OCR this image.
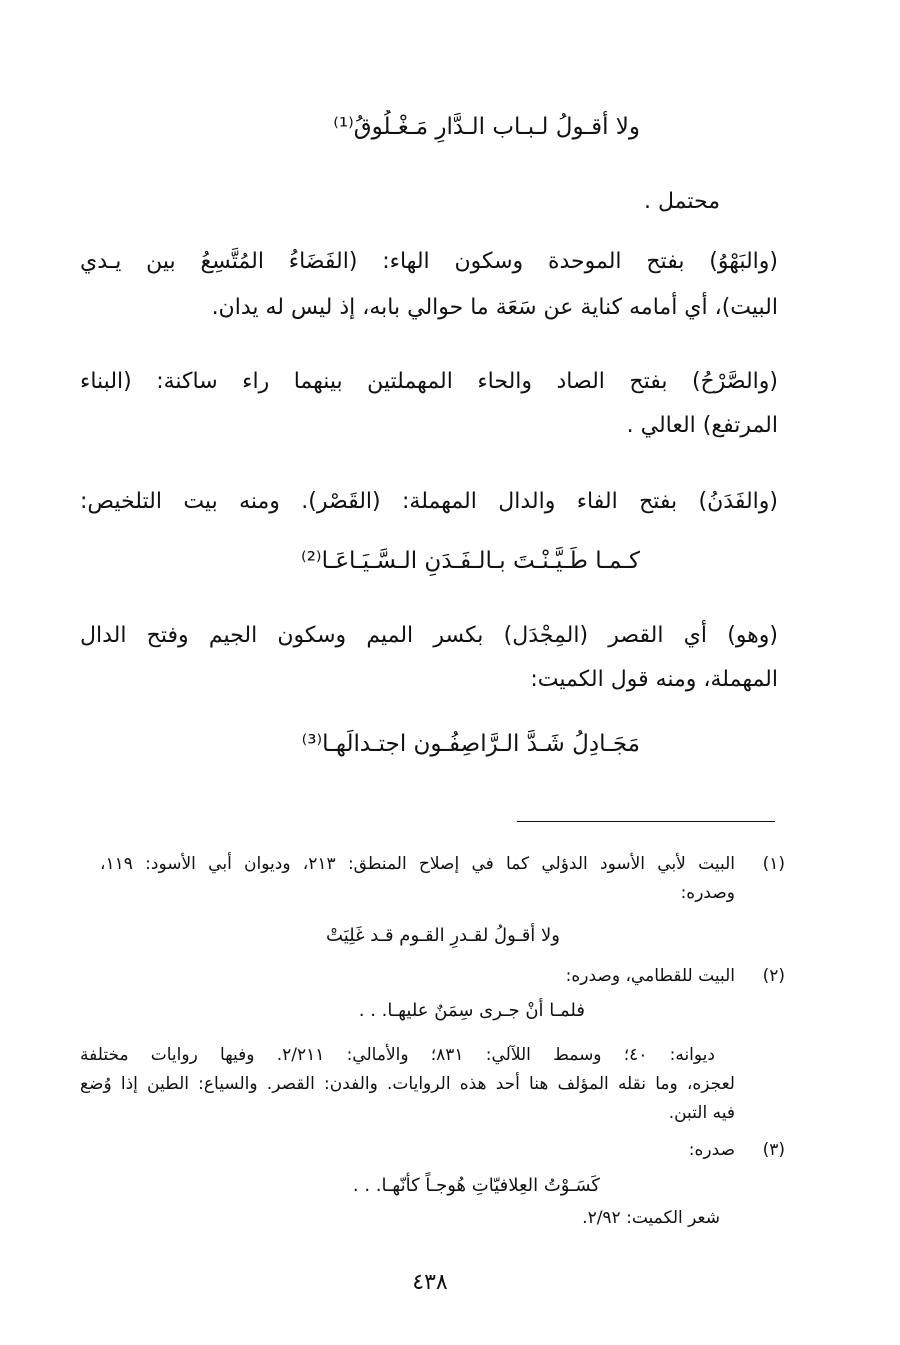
ولا أقـولُ لـبـاب الـدَّارِ مَـغْـلُوقُ⁽¹⁾
محتمل .
(والبَهْوُ) بفتح الموحدة وسكون الهاء: (الفَضَاءُ المُتَّسِعُ بين يـدي
البيت)، أي أمامه كناية عن سَعَة ما حوالي بابه، إذ ليس له يدان.
(والصَّرْحُ) بفتح الصاد والحاء المهملتين بينهما راء ساكنة: (البناء
المرتفع) العالي .
(والفَدَنُ) بفتح الفاء والدال المهملة: (القَصْر). ومنه بيت التلخيص:
كـمـا طَـيَّـنْـتَ بـالـفَـدَنِ الـسَّـيَـاعَـا⁽²⁾
(وهو) أي القصر (المِجْدَل) بكسر الميم وسكون الجيم وفتح الدال
المهملة، ومنه قول الكميت:
مَجَـادِلُ شَـدَّ الـرَّاصِفُـون اجتـدالَهـا⁽³⁾
(١)
البيت لأبي الأسود الدؤلي كما في إصلاح المنطق: ٢١٣، وديوان أبي الأسود: ١١٩،
وصدره:
ولا أقـولُ لقـدرِ القـوم قـد غَلِيَتْ
(٢)
البيت للقطامي، وصدره:
فلمـا أنْ جـرى سِمَنٌ عليهـا. . .
ديوانه: ٤٠؛ وسمط اللآلي: ٨٣١؛ والأمالي: ٢/٢١١. وفيها روايات مختلفة
لعجزه، وما نقله المؤلف هنا أحد هذه الروايات. والفدن: القصر. والسياع: الطين إذا وُضع
فيه التبن.
(٣)
صدره:
كَسَـوْتُ العِلافيّاتِ هُوجـاً كأنّهـا. . .
شعر الكميت: ٢/٩٢.
٤٣٨
